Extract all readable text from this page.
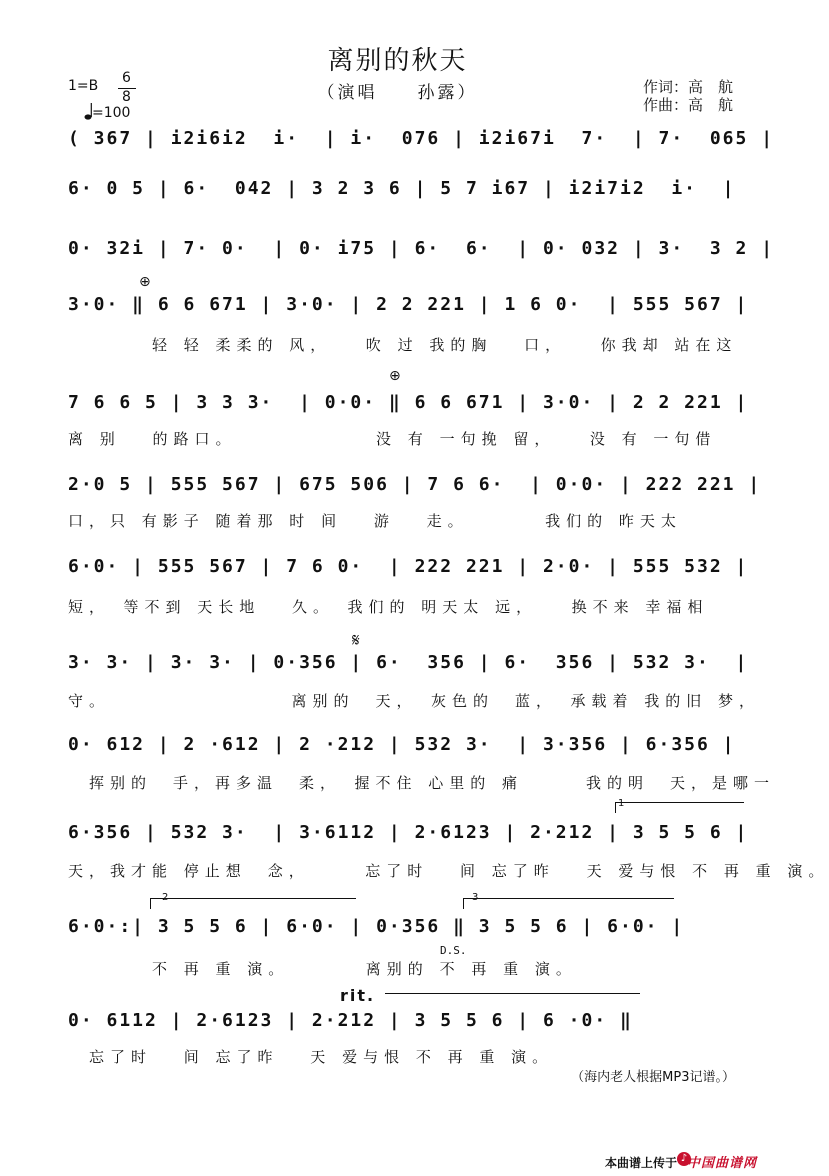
离别的秋天
（演唱　　孙露）
1=B 6
8
=100
作词：高　航
作曲：高　航
( 367 | i2i6i2  i·  | i·  076 | i2i67i  7·  | 7·  065 |
6· 0 5 | 6·  042 | 3 2 3 6 | 5 7 i67 | i2i7i2  i·  |
0· 32i | 7· 0·  | 0· i75 | 6·  6·  | 0· 032 | 3·  3 2 |
⊕
3·0· ‖ 6 6 671 | 3·0· | 2 2 221 | 1 6 0·  | 555 567 |
　　　　轻 轻 柔柔的 风，　　吹 过 我的胸　 口，　　你我却 站在这
⊕
7 6 6 5 | 3 3 3·  | 0·0· ‖ 6 6 671 | 3·0· | 2 2 221 |
离 别　 的路口。　　　　　　　没 有 一句挽 留，　　没 有 一句借
2·0 5 | 555 567 | 675 506 | 7 6 6·  | 0·0· | 222 221 |
口，只 有影子 随着那 时 间　 游　 走。　　　　我们的 昨天太
6·0· | 555 567 | 7 6 0·  | 222 221 | 2·0· | 555 532 |
短，　等不到 天长地　 久。　我们的 明天太 远，　　换不来 幸福相
𝄋
3· 3· | 3· 3· | 0·356 | 6·  356 | 6·  356 | 532 3·  |
守。　　　　　　　　　离别的　天，　灰色的　蓝，　承载着 我的旧 梦，
0· 612 | 2 ·612 | 2 ·212 | 532 3·  | 3·356 | 6·356 |
　挥别的　手，再多温　柔，　握不住 心里的 痛　　　我的明　天，是哪一
1
6·356 | 532 3·  | 3·6112 | 2·6123 | 2·212 | 3 5 5 6 |
天，我才能 停止想　念，　　　忘了时　 间 忘了昨　 天 爱与恨 不 再 重 演。
2	3
6·0·:| 3 5 5 6 | 6·0· | 0·356 ‖ 3 5 5 6 | 6·0· |
D.S.
　　　　不 再 重 演。　　　　离别的 不 再 重 演。
rit.
0· 6112 | 2·6123 | 2·212 | 3 5 5 6 | 6 ·0· ‖
　忘了时　 间 忘了昨　 天 爱与恨 不 再 重 演。
（海内老人根据MP3记谱。）
本曲谱上传于 ♪ 中国曲谱网
